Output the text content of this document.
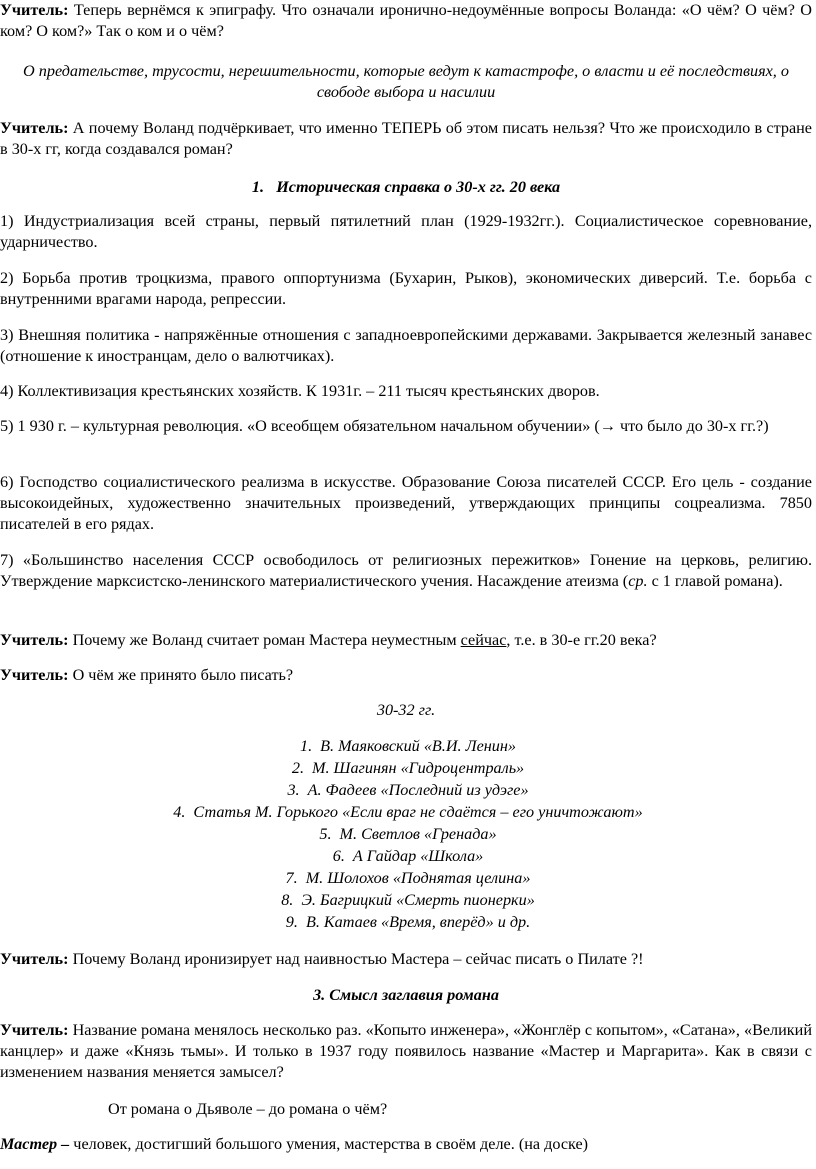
Учитель: Теперь вернёмся к эпиграфу. Что означали иронично-недоумённые вопросы Воланда: «О чём? О чём? О ком? О ком?» Так о ком и о чём?

О предательстве, трусости, нерешительности, которые ведут к катастрофе, о власти и её последствиях, о свободе выбора и насилии

Учитель: А почему Воланд подчёркивает, что именно ТЕПЕРЬ об этом писать нельзя? Что же происходило в стране в 30-х гг, когда создавался роман?

1. Историческая справка о 30-х гг. 20 века

1) Индустриализация всей страны, первый пятилетний план (1929-1932гг.). Социалистическое соревнование, ударничество.

2) Борьба против троцкизма, правого оппортунизма (Бухарин, Рыков), экономических диверсий. Т.е. борьба с внутренними врагами народа, репрессии.

3) Внешняя политика - напряжённые отношения с западноевропейскими державами. Закрывается железный занавес (отношение к иностранцам, дело о валютчиках).

4) Коллективизация крестьянских хозяйств. К 1931г. – 211 тысяч крестьянских дворов.

5) 1 930 г. – культурная революция. «О всеобщем обязательном начальном обучении» (→ что было до 30-х гг.?)

6) Господство социалистического реализма в искусстве. Образование Союза писателей СССР. Его цель - создание высокоидейных, художественно значительных произведений, утверждающих принципы соцреализма. 7850 писателей в его рядах.

7) «Большинство населения СССР освободилось от религиозных пережитков» Гонение на церковь, религию. Утверждение марксистско-ленинского материалистического учения. Насаждение атеизма (ср. с 1 главой романа).

Учитель: Почему же Воланд считает роман Мастера неуместным сейчас, т.е. в 30-е гг.20 века?

Учитель: О чём же принято было писать?

30-32 гг.

1. В. Маяковский «В.И. Ленин»

2. М. Шагинян «Гидроцентраль»

3. А. Фадеев «Последний из удэге»

4. Статья М. Горького «Если враг не сдаётся – его уничтожают»

5. М. Светлов «Гренада»

6. А Гайдар «Школа»

7. М. Шолохов «Поднятая целина»

8. Э. Багрицкий «Смерть пионерки»

9. В. Катаев «Время, вперёд» и др.

Учитель: Почему Воланд иронизирует над наивностью Мастера – сейчас писать о Пилате ?!

3. Смысл заглавия романа

Учитель: Название романа менялось несколько раз. «Копыто инженера», «Жонглёр с копытом», «Сатана», «Великий канцлер» и даже «Князь тьмы». И только в 1937 году появилось название «Мастер и Маргарита». Как в связи с изменением названия меняется замысел?

От романа о Дьяволе – до романа о чём?

Мастер – человек, достигший большого умения, мастерства в своём деле. (на доске)
